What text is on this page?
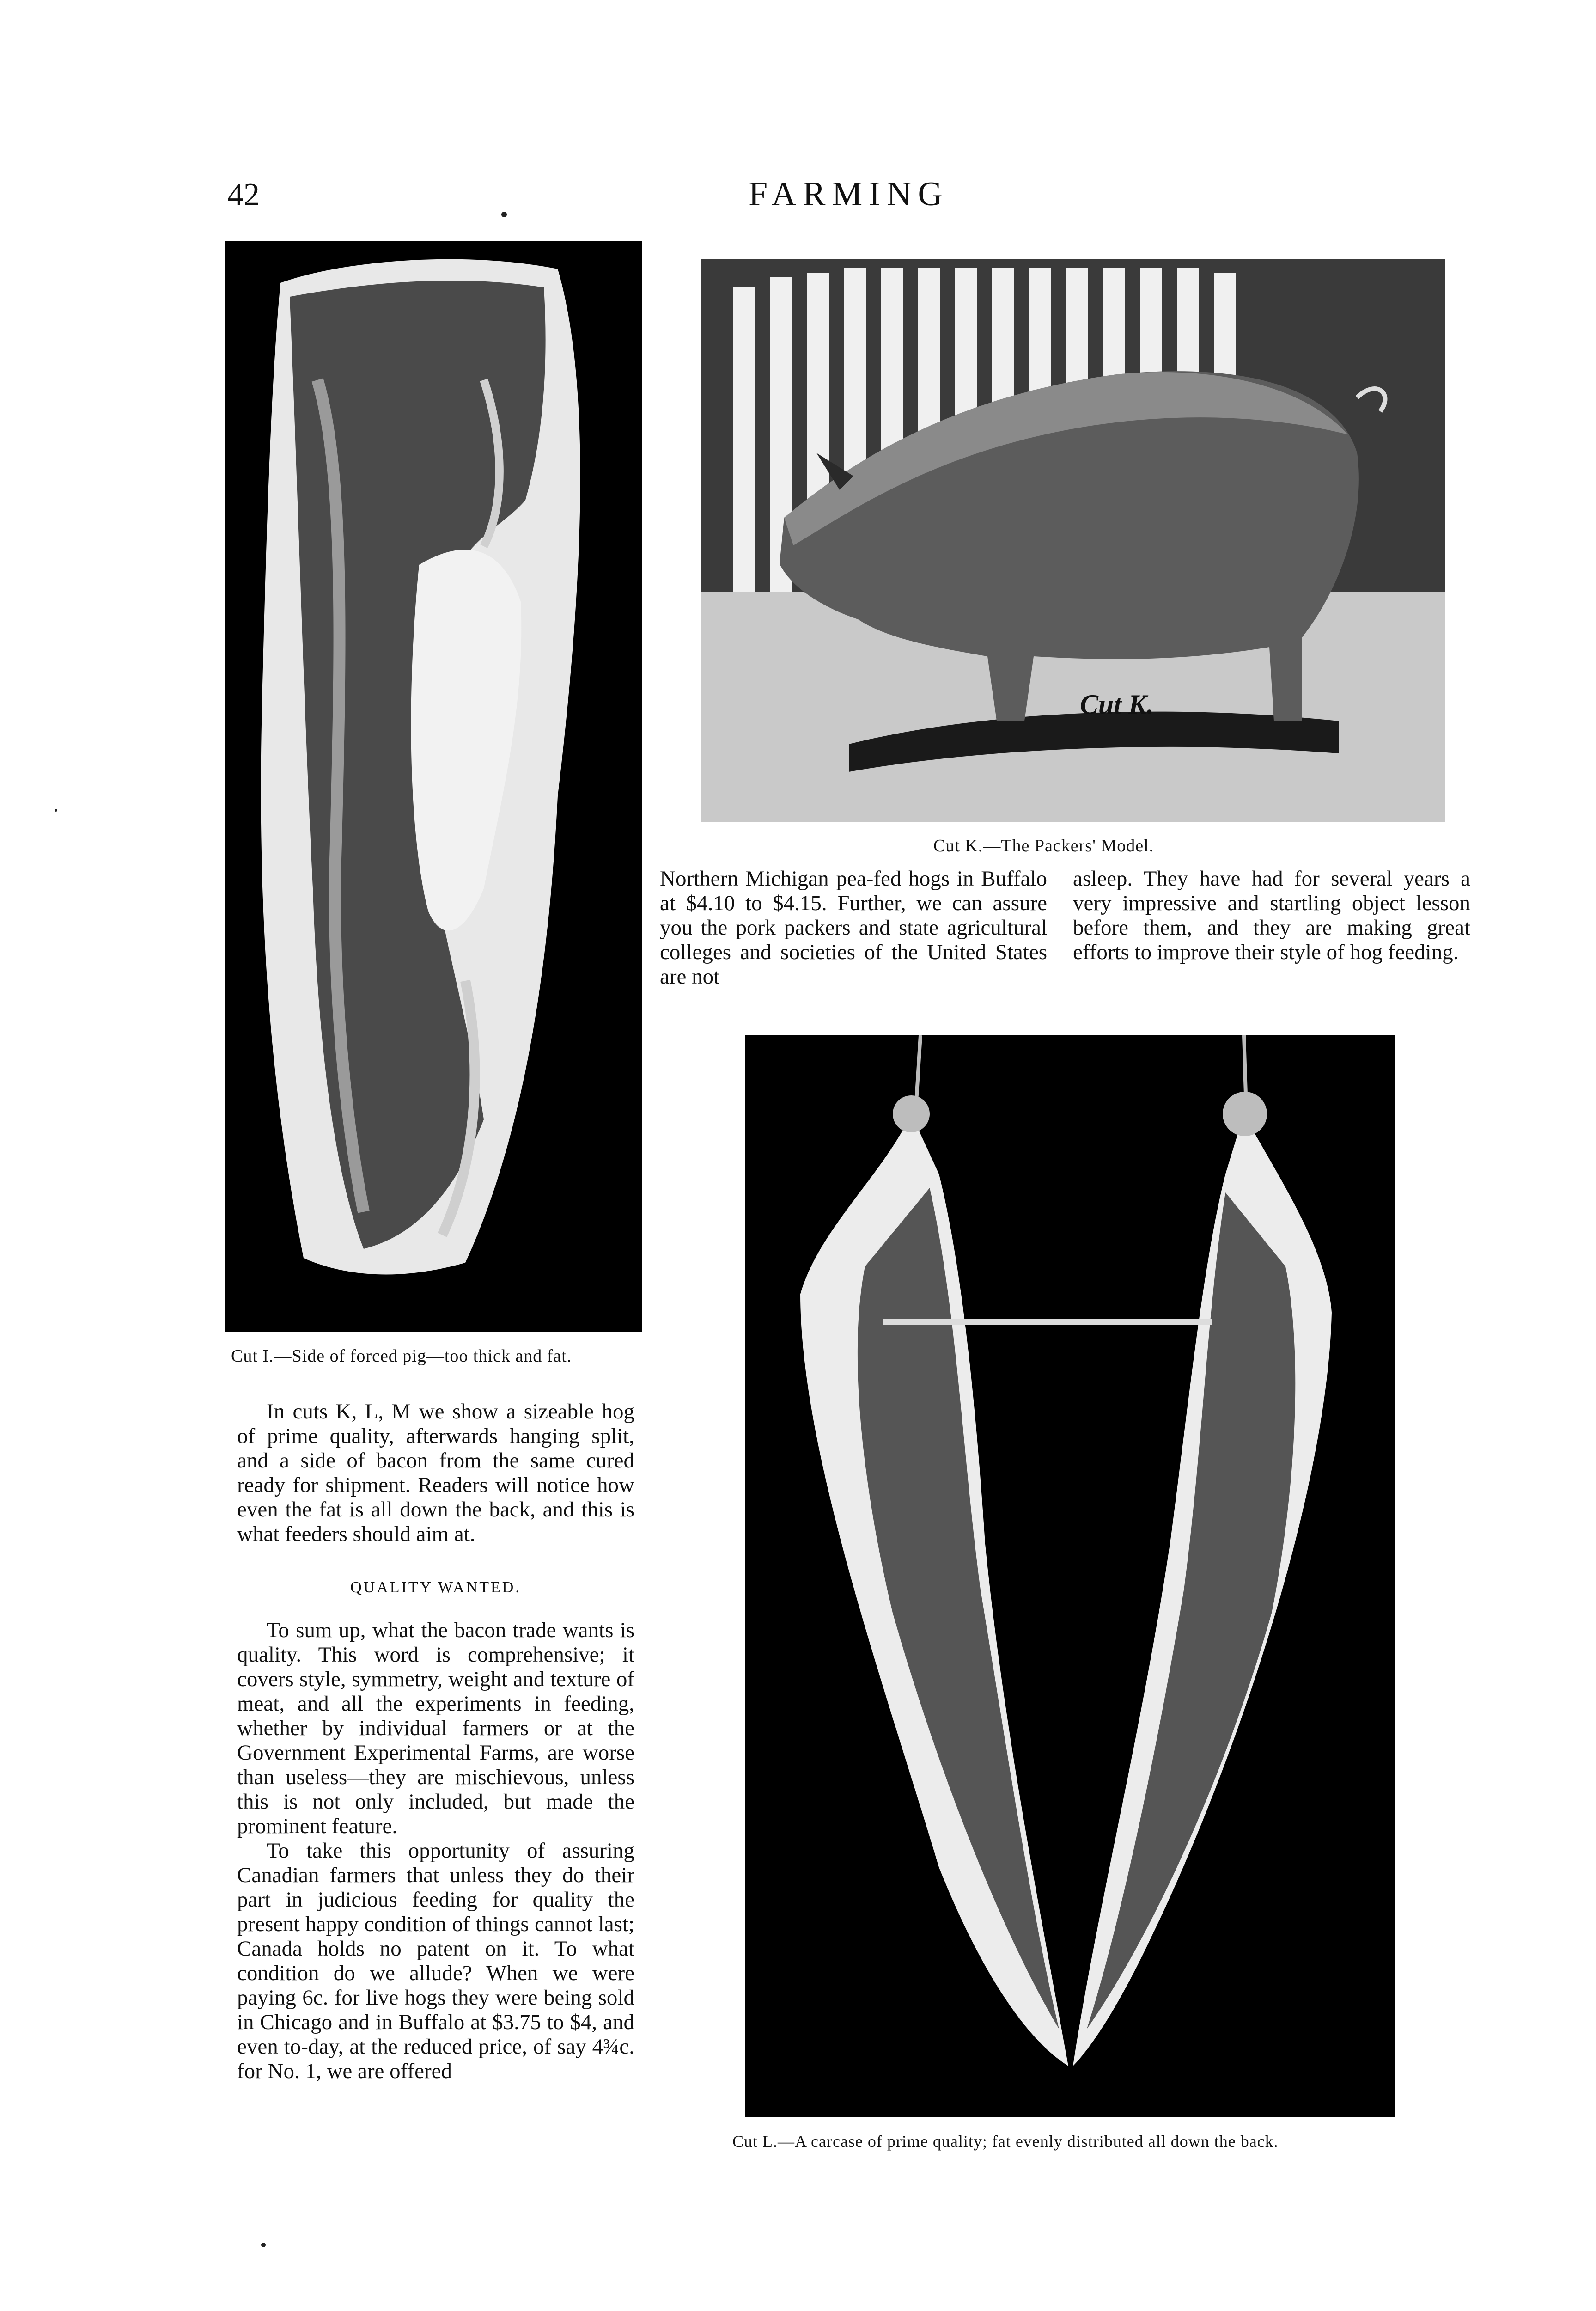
42	FARMING
Cut I.—Side of forced pig—too thick and fat.
Cut K.
Cut K.—The Packers' Model.

Northern Michigan pea-fed hogs in Buffalo at $4.10 to $4.15. Further, we can assure you the pork packers and state agricultural colleges and societies of the United States are not

asleep. They have had for several years a very impressive and startling object lesson before them, and they are making great efforts to improve their style of hog feeding.

Cut L.—A carcase of prime quality; fat evenly distributed all down the back.

In cuts K, L, M we show a sizeable hog of prime quality, afterwards hanging split, and a side of bacon from the same cured ready for shipment. Readers will notice how even the fat is all down the back, and this is what feeders should aim at.

QUALITY WANTED.

To sum up, what the bacon trade wants is quality. This word is comprehensive; it covers style, symmetry, weight and texture of meat, and all the experiments in feeding, whether by individual farmers or at the Government Experimental Farms, are worse than useless—they are mischievous, unless this is not only included, but made the prominent feature.

To take this opportunity of assuring Canadian farmers that unless they do their part in judicious feeding for quality the present happy condition of things cannot last; Canada holds no patent on it. To what condition do we allude? When we were paying 6c. for live hogs they were being sold in Chicago and in Buffalo at $3.75 to $4, and even to-day, at the reduced price, of say 4¾c. for No. 1, we are offered
